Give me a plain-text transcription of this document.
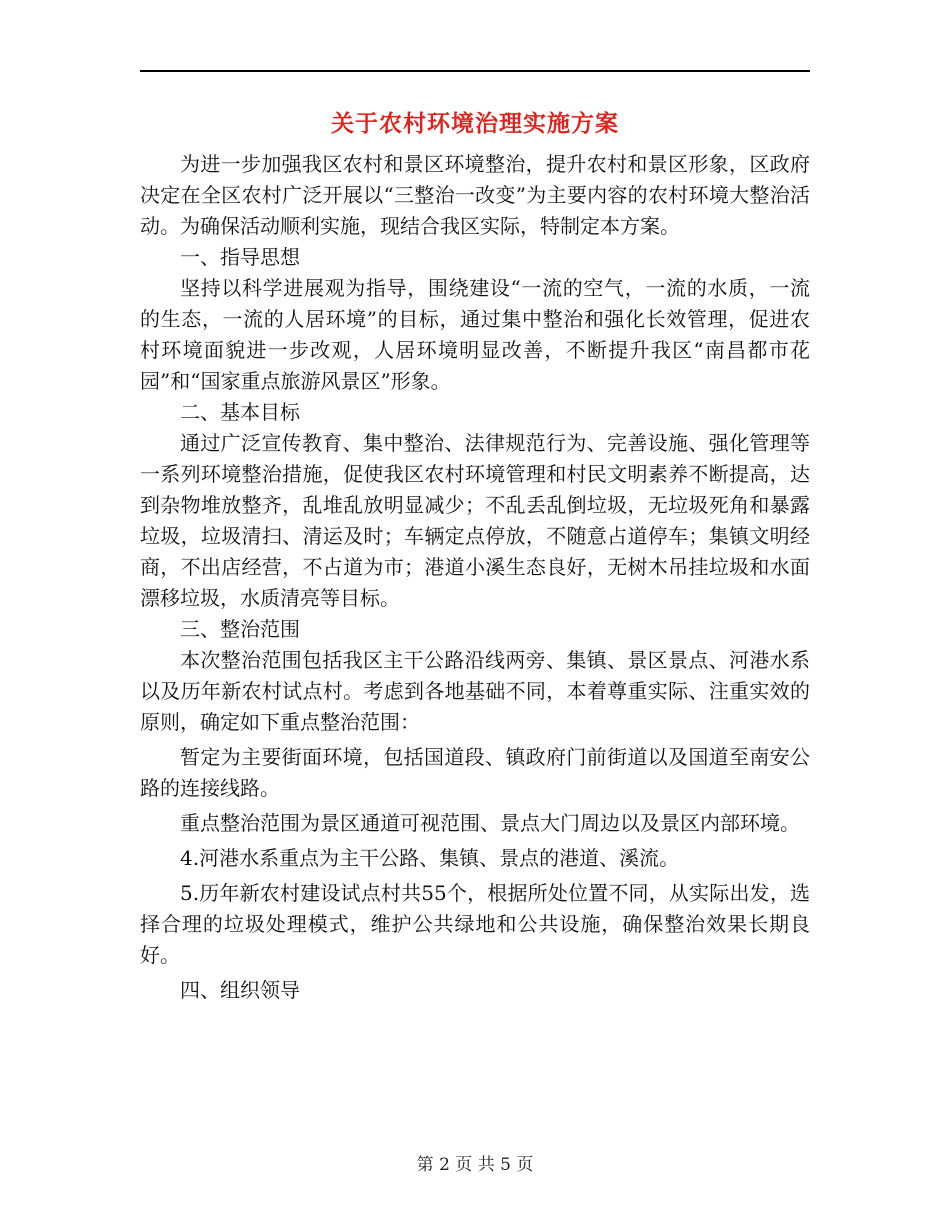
关于农村环境治理实施方案

为进一步加强我区农村和景区环境整治，提升农村和景区形象，区政府决定在全区农村广泛开展以“三整治一改变”为主要内容的农村环境大整治活动。为确保活动顺利实施，现结合我区实际，特制定本方案。

一、指导思想

坚持以科学进展观为指导，围绕建设“一流的空气，一流的水质，一流的生态，一流的人居环境”的目标，通过集中整治和强化长效管理，促进农村环境面貌进一步改观，人居环境明显改善，不断提升我区“南昌都市花园”和“国家重点旅游风景区”形象。

二、基本目标

通过广泛宣传教育、集中整治、法律规范行为、完善设施、强化管理等一系列环境整治措施，促使我区农村环境管理和村民文明素养不断提高，达到杂物堆放整齐，乱堆乱放明显减少；不乱丢乱倒垃圾，无垃圾死角和暴露垃圾，垃圾清扫、清运及时；车辆定点停放，不随意占道停车；集镇文明经商，不出店经营，不占道为市；港道小溪生态良好，无树木吊挂垃圾和水面漂移垃圾，水质清亮等目标。

三、整治范围

本次整治范围包括我区主干公路沿线两旁、集镇、景区景点、河港水系以及历年新农村试点村。考虑到各地基础不同，本着尊重实际、注重实效的原则，确定如下重点整治范围：

暂定为主要街面环境，包括国道段、镇政府门前街道以及国道至南安公路的连接线路。

重点整治范围为景区通道可视范围、景点大门周边以及景区内部环境。

4.河港水系重点为主干公路、集镇、景点的港道、溪流。

5.历年新农村建设试点村共55个，根据所处位置不同，从实际出发，选择合理的垃圾处理模式，维护公共绿地和公共设施，确保整治效果长期良好。

四、组织领导

第 2 页 共 5 页
